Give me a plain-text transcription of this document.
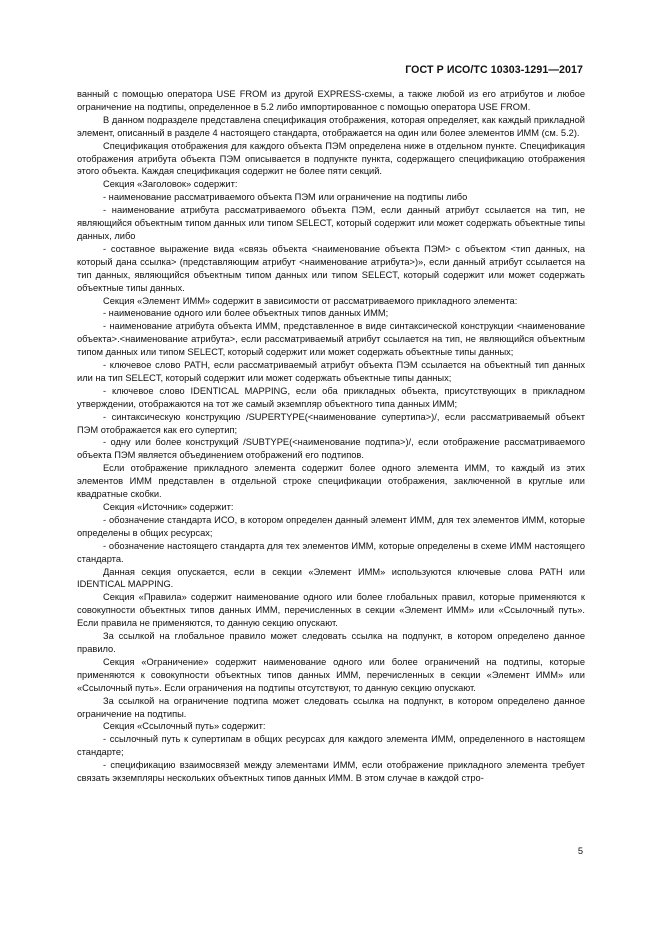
ГОСТ Р ИСО/ТС 10303-1291—2017

ванный с помощью оператора USE FROM из другой EXPRESS-схемы, а также любой из его атрибутов и любое ограничение на подтипы, определенное в 5.2 либо импортированное с помощью оператора USE FROM.

В данном подразделе представлена спецификация отображения, которая определяет, как каждый прикладной элемент, описанный в разделе 4 настоящего стандарта, отображается на один или более элементов ИММ (см. 5.2).

Спецификация отображения для каждого объекта ПЭМ определена ниже в отдельном пункте. Спецификация отображения атрибута объекта ПЭМ описывается в подпункте пункта, содержащего спецификацию отображения этого объекта. Каждая спецификация содержит не более пяти секций.

Секция «Заголовок» содержит:

- наименование рассматриваемого объекта ПЭМ или ограничение на подтипы либо

- наименование атрибута рассматриваемого объекта ПЭМ, если данный атрибут ссылается на тип, не являющийся объектным типом данных или типом SELECT, который содержит или может содержать объектные типы данных, либо

- составное выражение вида «связь объекта <наименование объекта ПЭМ> с объектом <тип данных, на который дана ссылка> (представляющим атрибут <наименование атрибута>)», если данный атрибут ссылается на тип данных, являющийся объектным типом данных или типом SELECT, который содержит или может содержать объектные типы данных.

Секция «Элемент ИММ» содержит в зависимости от рассматриваемого прикладного элемента:

- наименование одного или более объектных типов данных ИММ;

- наименование атрибута объекта ИММ, представленное в виде синтаксической конструкции <наименование объекта>.<наименование атрибута>, если рассматриваемый атрибут ссылается на тип, не являющийся объектным типом данных или типом SELECT, который содержит или может содержать объектные типы данных;

- ключевое слово PATH, если рассматриваемый атрибут объекта ПЭМ ссылается на объектный тип данных или на тип SELECT, который содержит или может содержать объектные типы данных;

- ключевое слово IDENTICAL MAPPING, если оба прикладных объекта, присутствующих в прикладном утверждении, отображаются на тот же самый экземпляр объектного типа данных ИММ;

- синтаксическую конструкцию /SUPERTYPE(<наименование супертипа>)/, если рассматриваемый объект ПЭМ отображается как его супертип;

- одну или более конструкций /SUBTYPE(<наименование подтипа>)/, если отображение рассматриваемого объекта ПЭМ является объединением отображений его подтипов.

Если отображение прикладного элемента содержит более одного элемента ИММ, то каждый из этих элементов ИММ представлен в отдельной строке спецификации отображения, заключенной в круглые или квадратные скобки.

Секция «Источник» содержит:

- обозначение стандарта ИСО, в котором определен данный элемент ИММ, для тех элементов ИММ, которые определены в общих ресурсах;

- обозначение настоящего стандарта для тех элементов ИММ, которые определены в схеме ИММ настоящего стандарта.

Данная секция опускается, если в секции «Элемент ИММ» используются ключевые слова PATH или IDENTICAL MAPPING.

Секция «Правила» содержит наименование одного или более глобальных правил, которые применяются к совокупности объектных типов данных ИММ, перечисленных в секции «Элемент ИММ» или «Ссылочный путь». Если правила не применяются, то данную секцию опускают.

За ссылкой на глобальное правило может следовать ссылка на подпункт, в котором определено данное правило.

Секция «Ограничение» содержит наименование одного или более ограничений на подтипы, которые применяются к совокупности объектных типов данных ИММ, перечисленных в секции «Элемент ИММ» или «Ссылочный путь». Если ограничения на подтипы отсутствуют, то данную секцию опускают.

За ссылкой на ограничение подтипа может следовать ссылка на подпункт, в котором определено данное ограничение на подтипы.

Секция «Ссылочный путь» содержит:

- ссылочный путь к супертипам в общих ресурсах для каждого элемента ИММ, определенного в настоящем стандарте;

- спецификацию взаимосвязей между элементами ИММ, если отображение прикладного элемента требует связать экземпляры нескольких объектных типов данных ИММ. В этом случае в каждой стро-

5
